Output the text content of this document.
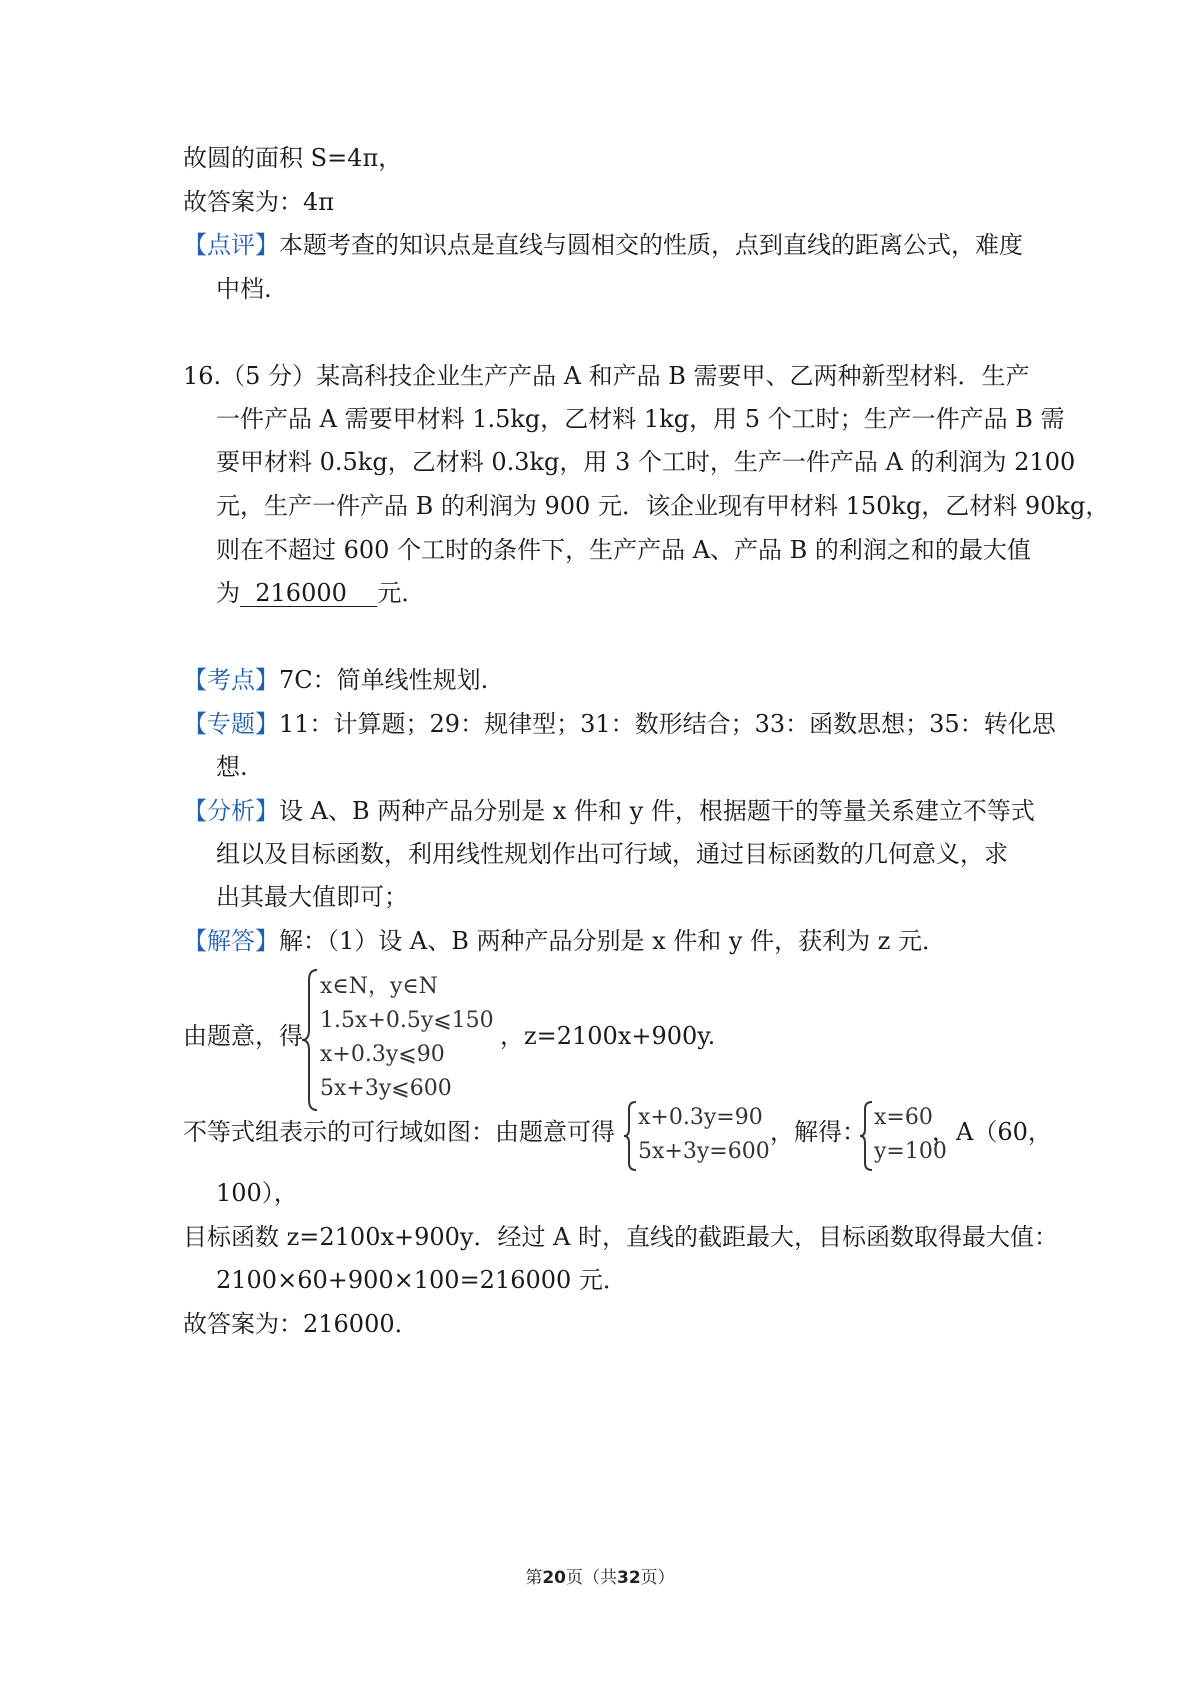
故圆的面积 S=4π，
故答案为：4π
【点评】本题考查的知识点是直线与圆相交的性质，点到直线的距离公式，难度
中档.
16.（5 分）某高科技企业生产产品 A 和产品 B 需要甲、乙两种新型材料．生产
一件产品 A 需要甲材料 1.5kg，乙材料 1kg，用 5 个工时；生产一件产品 B 需
要甲材料 0.5kg，乙材料 0.3kg，用 3 个工时，生产一件产品 A 的利润为 2100
元，生产一件产品 B 的利润为 900 元．该企业现有甲材料 150kg，乙材料 90kg，
则在不超过 600 个工时的条件下，生产产品 A、产品 B 的利润之和的最大值
为 216000 元．
【考点】7C：简单线性规划.
【专题】11：计算题；29：规律型；31：数形结合；33：函数思想；35：转化思
想.
【分析】设 A、B 两种产品分别是 x 件和 y 件，根据题干的等量关系建立不等式
组以及目标函数，利用线性规划作出可行域，通过目标函数的几何意义，求
出其最大值即可；
【解答】解：（1）设 A、B 两种产品分别是 x 件和 y 件，获利为 z 元．
由题意，得
x∈N，y∈N
1.5x+0.5y⩽150
x+0.3y⩽90
5x+3y⩽600
，z=2100x+900y.
不等式组表示的可行域如图：由题意可得
x+0.3y=90
5x+3y=600
，解得：
x=60
y=100
，A（60，
100），
目标函数 z=2100x+900y．经过 A 时，直线的截距最大，目标函数取得最大值：
2100×60+900×100=216000 元．
故答案为：216000．
第20页（共32页）
